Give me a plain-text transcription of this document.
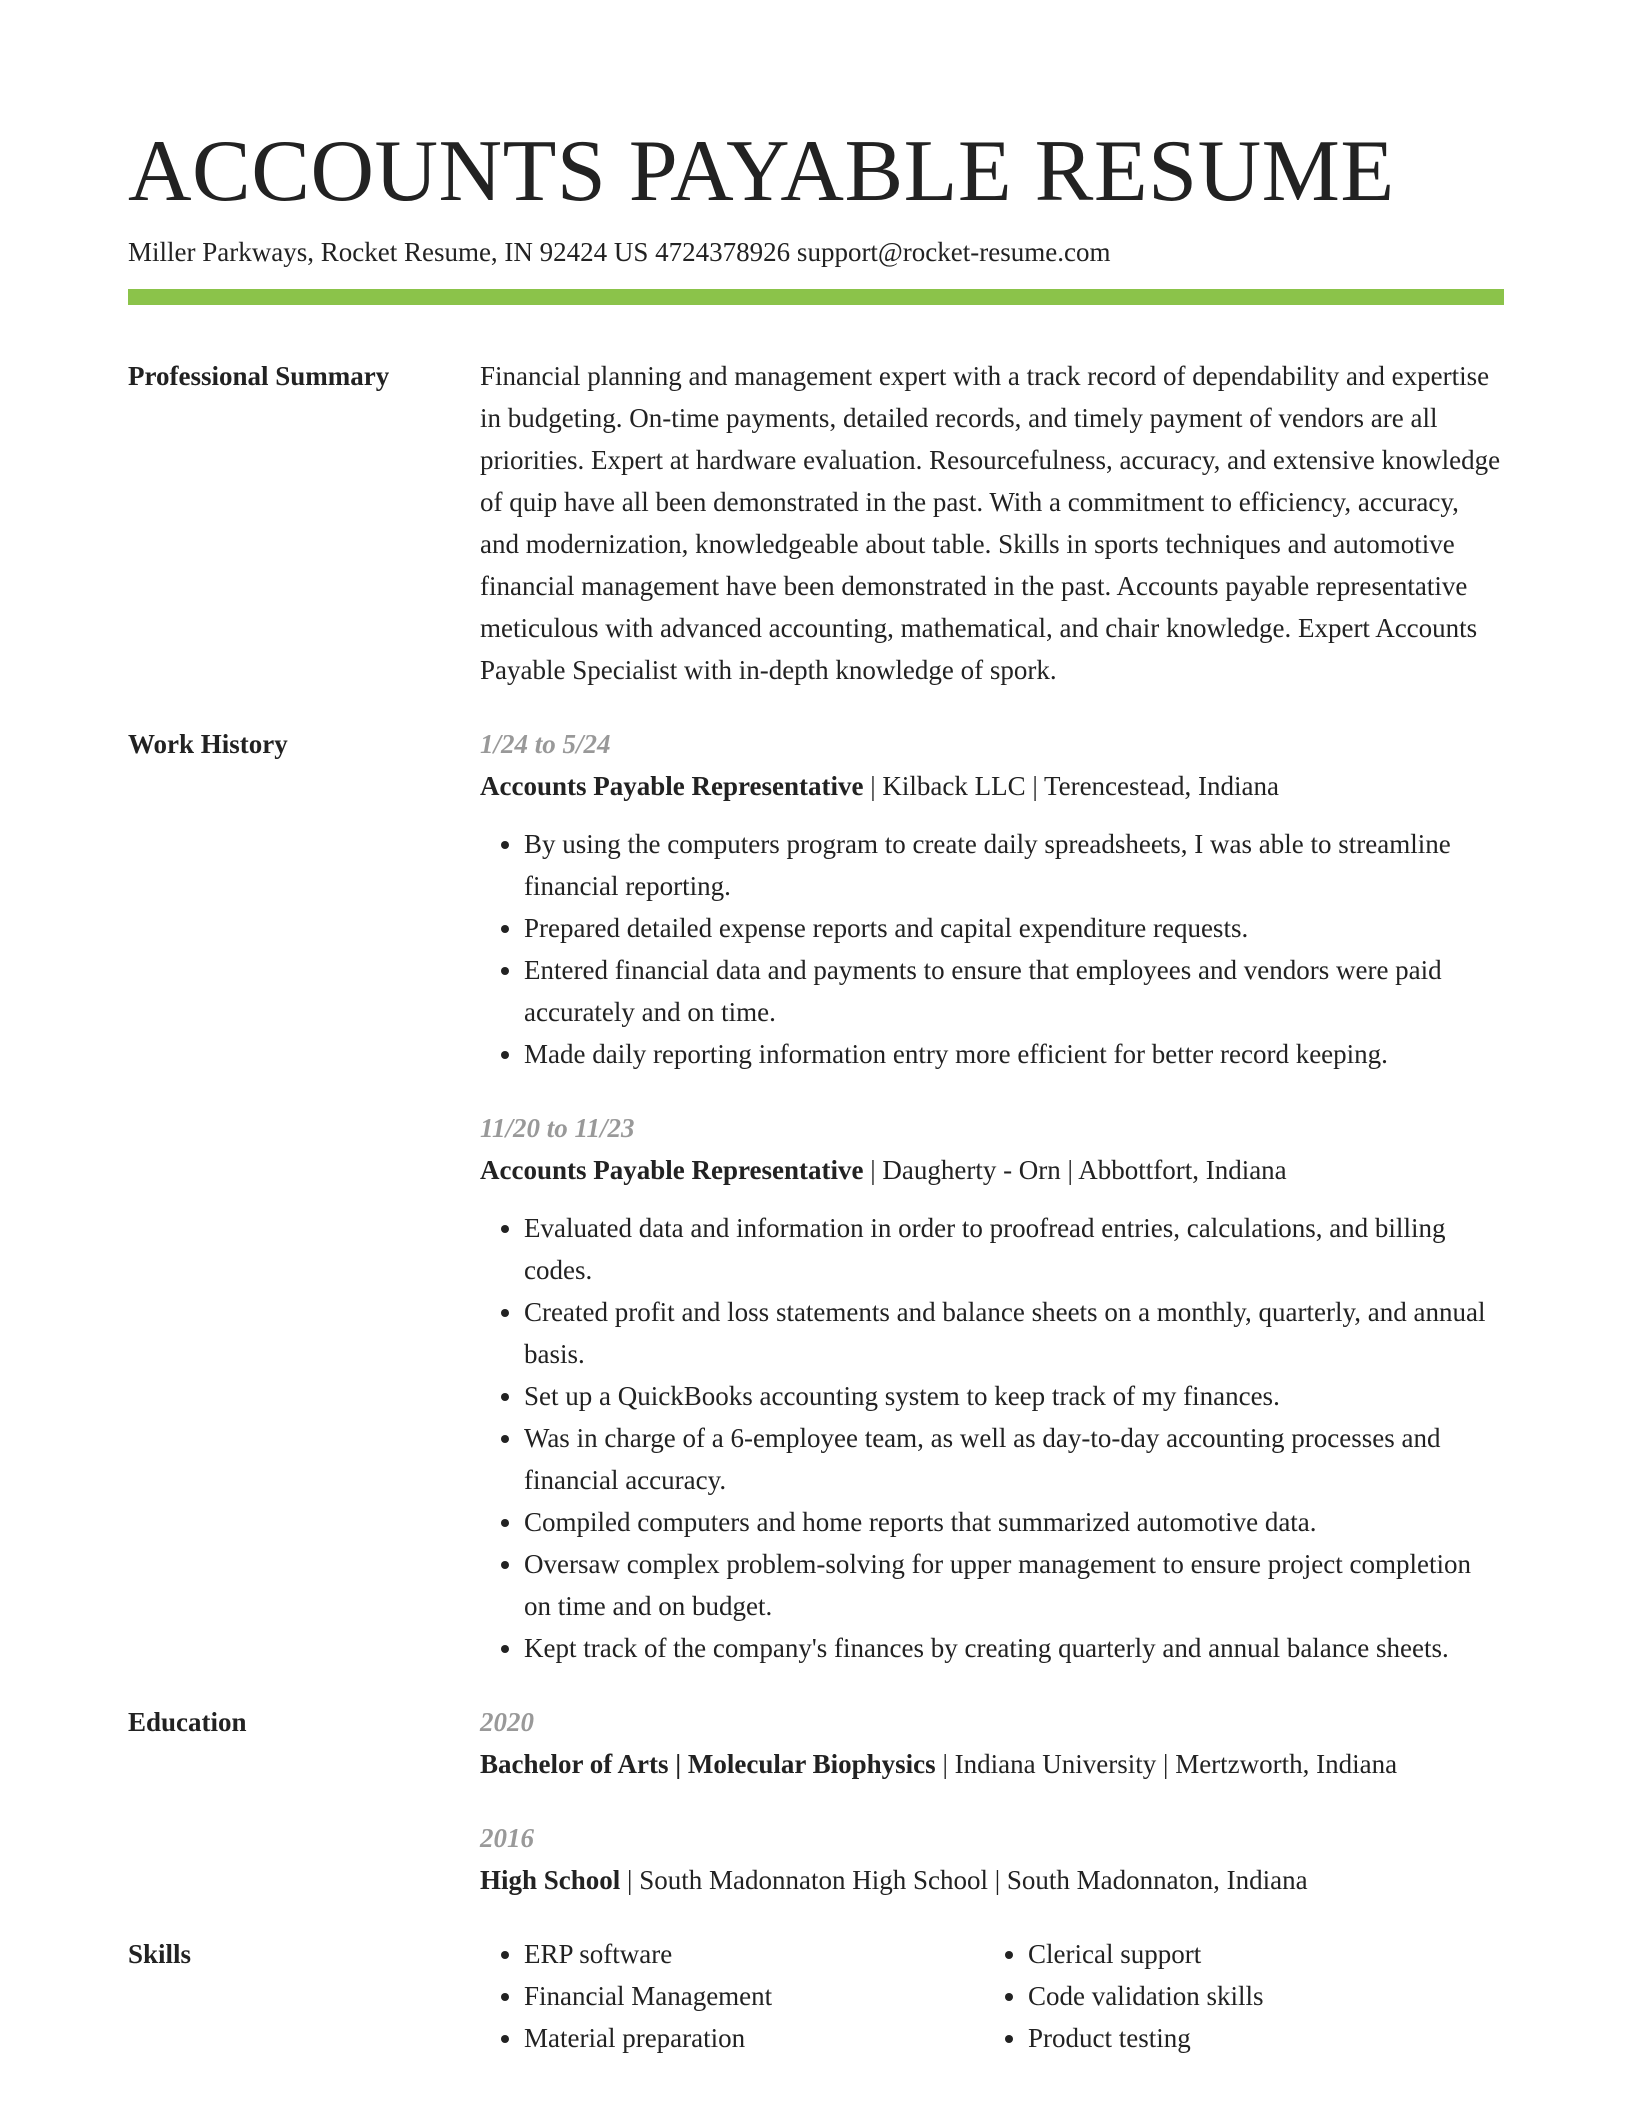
ACCOUNTS PAYABLE RESUME
Miller Parkways, Rocket Resume, IN 92424 US 4724378926 support@rocket-resume.com
Professional Summary	Financial planning and management expert with a track record of dependability and expertise in budgeting. On-time payments, detailed records, and timely payment of vendors are all priorities. Expert at hardware evaluation. Resourcefulness, accuracy, and extensive knowledge of quip have all been demonstrated in the past. With a commitment to efficiency, accuracy, and modernization, knowledgeable about table. Skills in sports techniques and automotive financial management have been demonstrated in the past. Accounts payable representative meticulous with advanced accounting, mathematical, and chair knowledge. Expert Accounts Payable Specialist with in-depth knowledge of spork.

Work History	1/24 to 5/24
Accounts Payable Representative | Kilback LLC | Terencestead, Indiana
• By using the computers program to create daily spreadsheets, I was able to streamline financial reporting.
• Prepared detailed expense reports and capital expenditure requests.
• Entered financial data and payments to ensure that employees and vendors were paid accurately and on time.
• Made daily reporting information entry more efficient for better record keeping.
11/20 to 11/23
Accounts Payable Representative | Daugherty - Orn | Abbottfort, Indiana
• Evaluated data and information in order to proofread entries, calculations, and billing codes.
• Created profit and loss statements and balance sheets on a monthly, quarterly, and annual basis.
• Set up a QuickBooks accounting system to keep track of my finances.
• Was in charge of a 6-employee team, as well as day-to-day accounting processes and financial accuracy.
• Compiled computers and home reports that summarized automotive data.
• Oversaw complex problem-solving for upper management to ensure project completion on time and on budget.
• Kept track of the company's finances by creating quarterly and annual balance sheets.
Education	2020
Bachelor of Arts | Molecular Biophysics | Indiana University | Mertzworth, Indiana
2016
High School | South Madonnaton High School | South Madonnaton, Indiana
Skills
•	ERP software
• Financial Management
• Material preparation
• Clerical support
• Code validation skills
• Product testing
